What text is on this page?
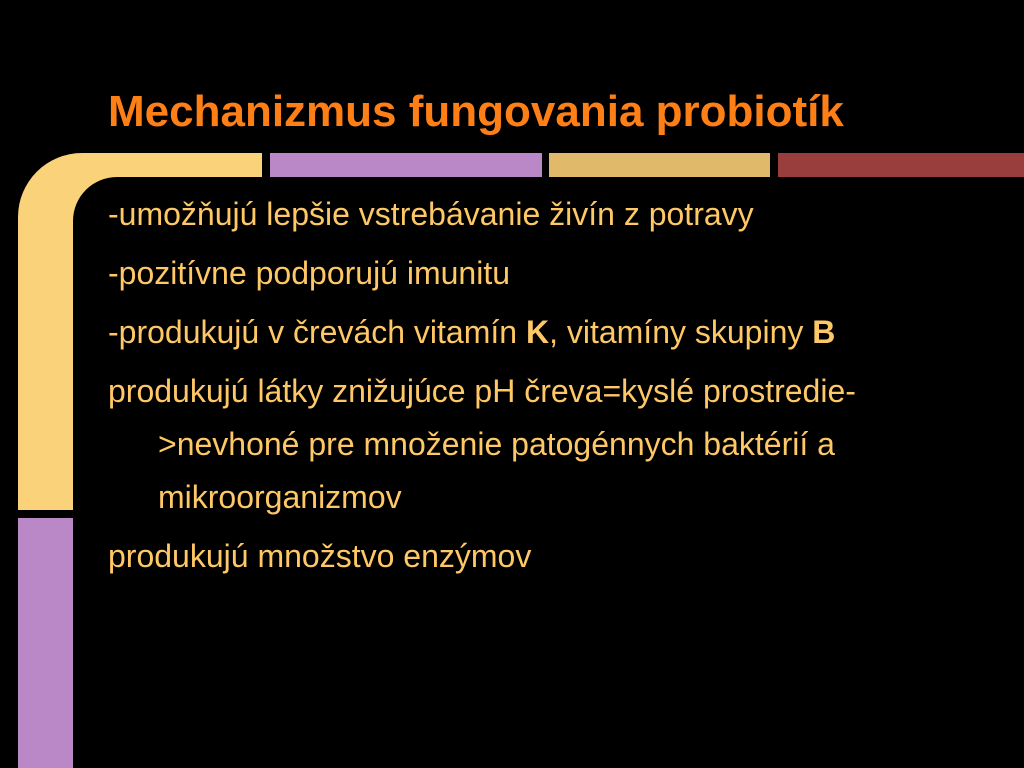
Mechanizmus fungovania probiotík
-umožňujú lepšie vstrebávanie živín z potravy
-pozitívne podporujú imunitu
-produkujú v črevách vitamín K, vitamíny skupiny B
produkujú látky znižujúce pH čreva=kyslé prostredie->nevhoné pre množenie patogénnych baktérií a mikroorganizmov
produkujú množstvo enzýmov
